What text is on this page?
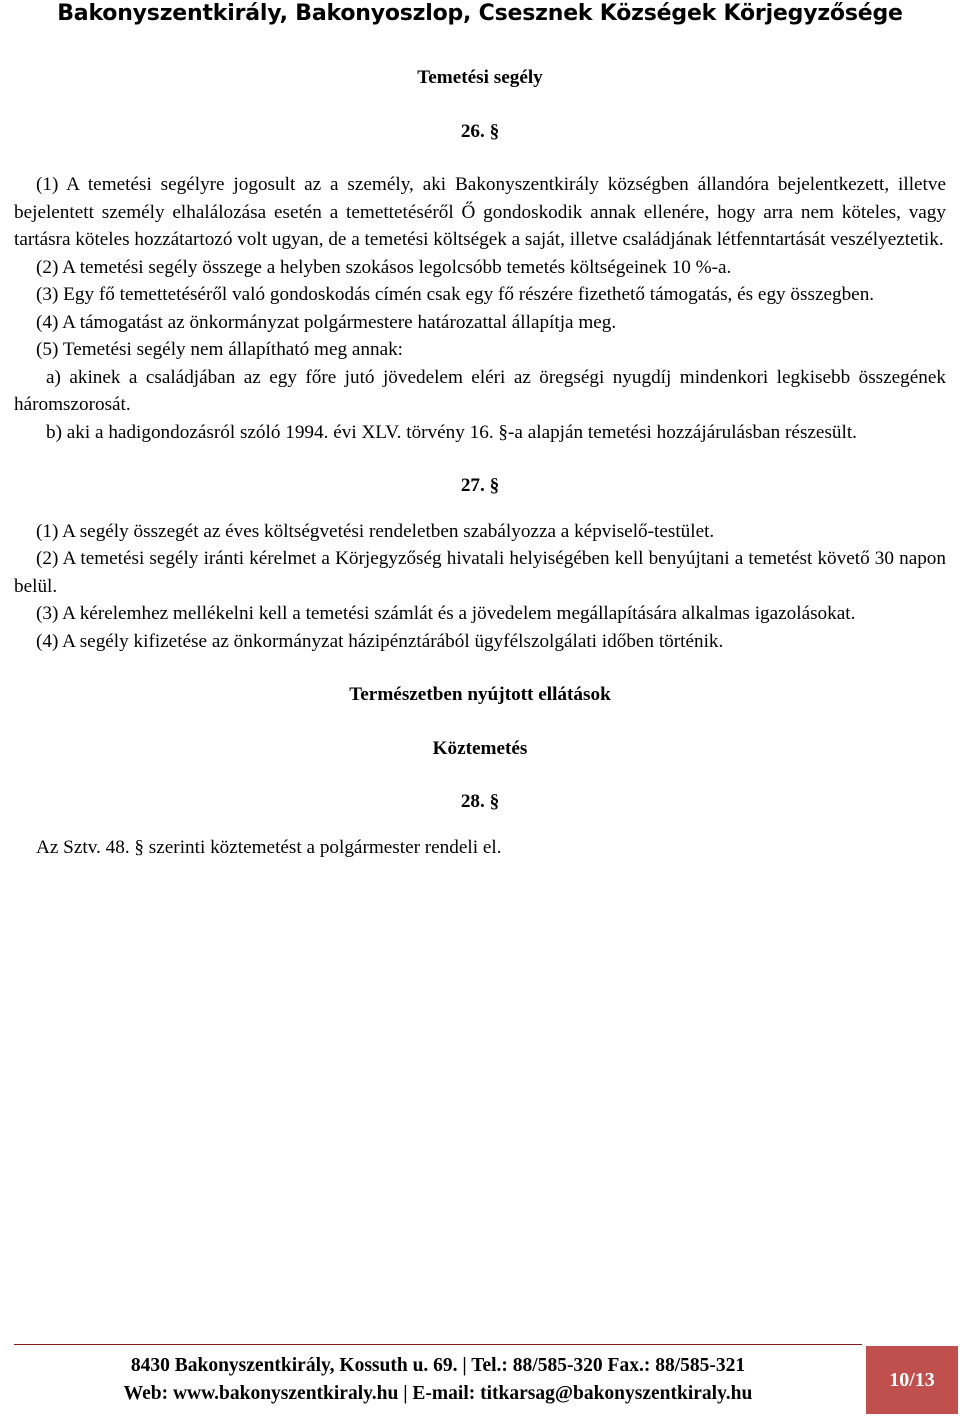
Bakonyszentkirály, Bakonyoszlop, Csesznek Községek Körjegyzősége

Temetési segély

26. §

(1) A temetési segélyre jogosult az a személy, aki Bakonyszentkirály községben állandóra bejelentkezett, illetve bejelentett személy elhalálozása esetén a temettetéséről Ő gondoskodik annak ellenére, hogy arra nem köteles, vagy tartásra köteles hozzátartozó volt ugyan, de a temetési költségek a saját, illetve családjának létfenntartását veszélyeztetik.

(2) A temetési segély összege a helyben szokásos legolcsóbb temetés költségeinek 10 %-a.

(3) Egy fő temettetéséről való gondoskodás címén csak egy fő részére fizethető támogatás, és egy összegben.

(4) A támogatást az önkormányzat polgármestere határozattal állapítja meg.

(5) Temetési segély nem állapítható meg annak:

a) akinek a családjában az egy főre jutó jövedelem eléri az öregségi nyugdíj mindenkori legkisebb összegének háromszorosát.

b) aki a hadigondozásról szóló 1994. évi XLV. törvény 16. §-a alapján temetési hozzájárulásban részesült.

27. §

(1) A segély összegét az éves költségvetési rendeletben szabályozza a képviselő-testület.

(2) A temetési segély iránti kérelmet a Körjegyzőség hivatali helyiségében kell benyújtani a temetést követő 30 napon belül.

(3) A kérelemhez mellékelni kell a temetési számlát és a jövedelem megállapítására alkalmas igazolásokat.

(4) A segély kifizetése az önkormányzat házipénztárából ügyfélszolgálati időben történik.

Természetben nyújtott ellátások

Köztemetés

28. §

Az Sztv. 48. § szerinti köztemetést a polgármester rendeli el.

8430 Bakonyszentkirály, Kossuth u. 69. | Tel.: 88/585-320 Fax.: 88/585-321
Web: www.bakonyszentkiraly.hu | E-mail: titkarsag@bakonyszentkiraly.hu
10/13
